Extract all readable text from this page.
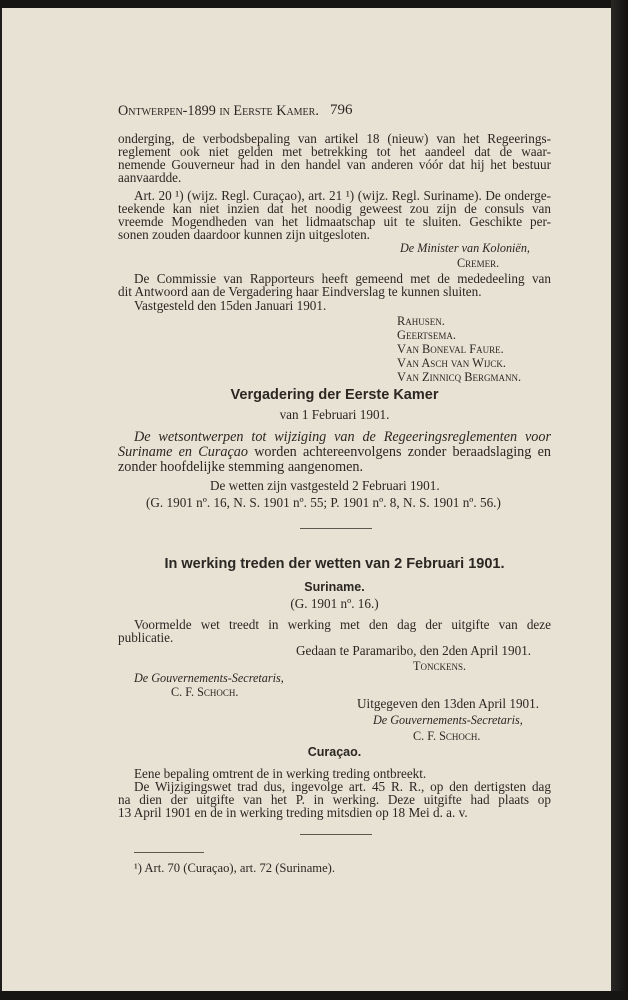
Ontwerpen-1899 in Eerste Kamer. 796
onderging, de verbodsbepaling van artikel 18 (nieuw) van het Regeerings-
reglement ook niet gelden met betrekking tot het aandeel dat de waar-
nemende Gouverneur had in den handel van anderen vóór dat hij het bestuur
aanvaardde.
Art. 20 ¹) (wijz. Regl. Curaçao), art. 21 ¹) (wijz. Regl. Suriname). De onderge-
teekende kan niet inzien dat het noodig geweest zou zijn de consuls van
vreemde Mogendheden van het lidmaatschap uit te sluiten. Geschikte per-
sonen zouden daardoor kunnen zijn uitgesloten.
De Minister van Koloniën,
Cremer.
De Commissie van Rapporteurs heeft gemeend met de mededeeling van
dit Antwoord aan de Vergadering haar Eindverslag te kunnen sluiten.
Vastgesteld den 15den Januari 1901.
Rahusen.
Geertsema.
Van Boneval Faure.
Van Asch van Wijck.
Van Zinnicq Bergmann.
Vergadering der Eerste Kamer
van 1 Februari 1901.
De wetsontwerpen tot wijziging van de Regeeringsreglementen voor
Suriname en Curaçao worden achtereenvolgens zonder beraadslaging en
zonder hoofdelijke stemming aangenomen.
De wetten zijn vastgesteld 2 Februari 1901.
(G. 1901 nº. 16, N. S. 1901 nº. 55; P. 1901 nº. 8, N. S. 1901 nº. 56.)
In werking treden der wetten van 2 Februari 1901.
Suriname.
(G. 1901 nº. 16.)
Voormelde wet treedt in werking met den dag der uitgifte van deze
publicatie.
Gedaan te Paramaribo, den 2den April 1901.
Tonckens.
De Gouvernements-Secretaris,
C. F. Schoch.
Uitgegeven den 13den April 1901.
De Gouvernements-Secretaris,
C. F. Schoch.
Curaçao.
Eene bepaling omtrent de in werking treding ontbreekt.
De Wijzigingswet trad dus, ingevolge art. 45 R. R., op den dertigsten dag
na dien der uitgifte van het P. in werking. Deze uitgifte had plaats op
13 April 1901 en de in werking treding mitsdien op 18 Mei d. a. v.
¹) Art. 70 (Curaçao), art. 72 (Suriname).
